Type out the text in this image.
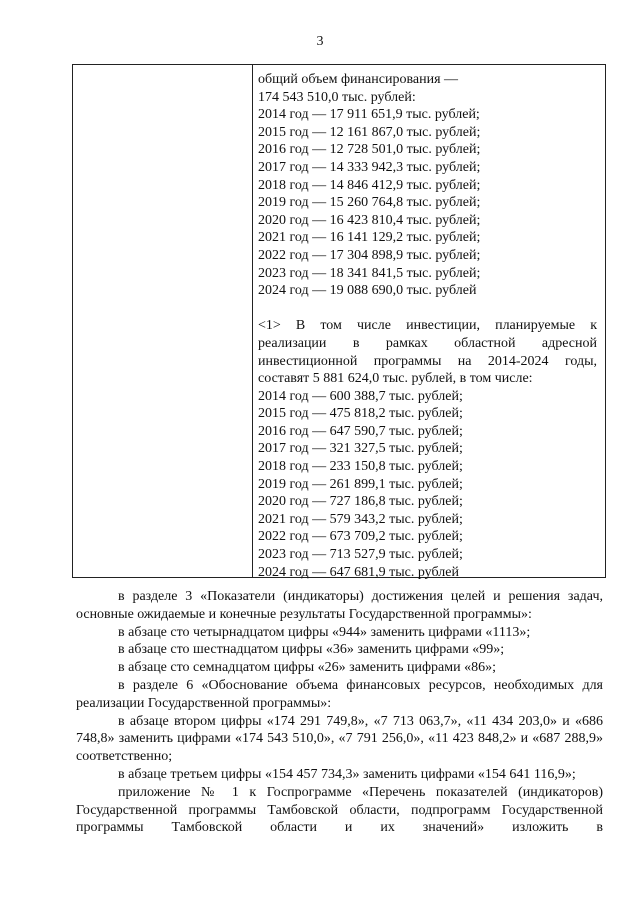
3
общий объем финансирования —
174 543 510,0 тыс. рублей:
2014 год — 17 911 651,9 тыс. рублей;
2015 год — 12 161 867,0 тыс. рублей;
2016 год — 12 728 501,0 тыс. рублей;
2017 год — 14 333 942,3 тыс. рублей;
2018 год — 14 846 412,9 тыс. рублей;
2019 год — 15 260 764,8 тыс. рублей;
2020 год — 16 423 810,4 тыс. рублей;
2021 год — 16 141 129,2 тыс. рублей;
2022 год — 17 304 898,9 тыс. рублей;
2023 год — 18 341 841,5 тыс. рублей;
2024 год — 19 088 690,0 тыс. рублей
<1> В том числе инвестиции, планируемые к
реализации в рамках областной адресной
инвестиционной программы на 2014-2024 годы,
составят 5 881 624,0 тыс. рублей, в том числе:
2014 год — 600 388,7 тыс. рублей;
2015 год — 475 818,2 тыс. рублей;
2016 год — 647 590,7 тыс. рублей;
2017 год — 321 327,5 тыс. рублей;
2018 год — 233 150,8 тыс. рублей;
2019 год — 261 899,1 тыс. рублей;
2020 год — 727 186,8 тыс. рублей;
2021 год — 579 343,2 тыс. рублей;
2022 год — 673 709,2 тыс. рублей;
2023 год — 713 527,9 тыс. рублей;
2024 год — 647 681,9 тыс. рублей
в разделе 3 «Показатели (индикаторы) достижения целей и решения задач, основные ожидаемые и конечные результаты Государственной программы»:
в абзаце сто четырнадцатом цифры «944» заменить цифрами «1113»;
в абзаце сто шестнадцатом цифры «36» заменить цифрами «99»;
в абзаце сто семнадцатом цифры «26» заменить цифрами «86»;
в разделе 6 «Обоснование объема финансовых ресурсов, необходимых для реализации Государственной программы»:
в абзаце втором цифры «174 291 749,8», «7 713 063,7», «11 434 203,0» и «686 748,8» заменить цифрами «174 543 510,0», «7 791 256,0», «11 423 848,2» и «687 288,9» соответственно;
в абзаце третьем цифры «154 457 734,3» заменить цифрами «154 641 116,9»;
приложение № 1 к Госпрограмме «Перечень показателей (индикаторов) Государственной программы Тамбовской области, подпрограмм Государственной программы Тамбовской области и их значений» изложить в
